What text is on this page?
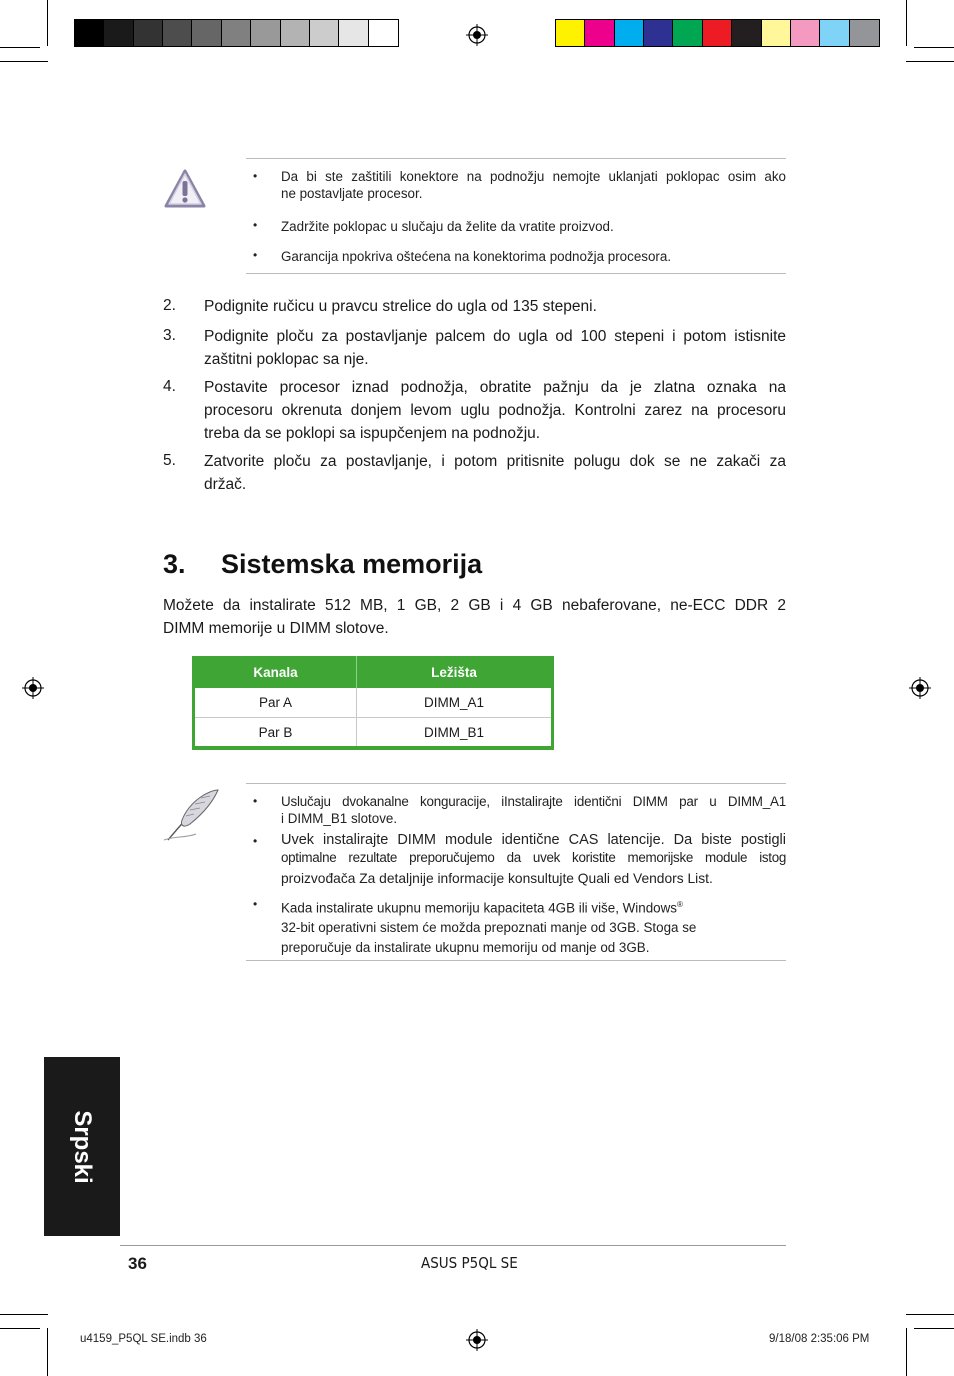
• Da bi ste zaštitili konektore na podnožju nemojte uklanjati poklopac osim ako
ne postavljate procesor.
• Zadržite poklopac u slučaju da želite da vratite proizvod.
• Garancija npokriva oštećena na konektorima podnožja procesora.
2. Podignite ručicu u pravcu strelice do ugla od 135 stepeni.
3. Podignite ploču za postavljanje palcem do ugla od 100 stepeni i potom istisnite
zaštitni poklopac sa nje.
4. Postavite procesor iznad podnožja, obratite pažnju da je zlatna oznaka na
procesoru okrenuta donjem levom uglu podnožja. Kontrolni zarez na procesoru
treba da se poklopi sa ispupčenjem na podnožju.
5. Zatvorite ploču za postavljanje, i potom pritisnite polugu dok se ne zakači za
držač.
3. Sistemska memorija
Možete da instalirate 512 MB, 1 GB, 2 GB i 4 GB nebaferovane, ne-ECC DDR 2
DIMM memorije u DIMM slotove.
Kanala	Ležišta
Par A	DIMM_A1
Par B	DIMM_B1
• Uslučaju dvokanalne konguracije, iInstalirajte identični DIMM par u DIMM_A1
i DIMM_B1 slotove.
• Uvek instalirajte DIMM module identične CAS latencije. Da biste postigli
optimalne rezultate preporučujemo da uvek koristite memorijske module istog
proizvođača Za detaljnije informacije konsultujte Quali ed Vendors List.
• Kada instalirate ukupnu memoriju kapaciteta 4GB ili više, Windows®
32-bit operativni sistem će možda prepoznati manje od 3GB. Stoga se
preporučuje da instalirate ukupnu memoriju od manje od 3GB.
Srpski
36	ASUS P5QL SE
u4159_P5QL SE.indb 36	9/18/08 2:35:06 PM
